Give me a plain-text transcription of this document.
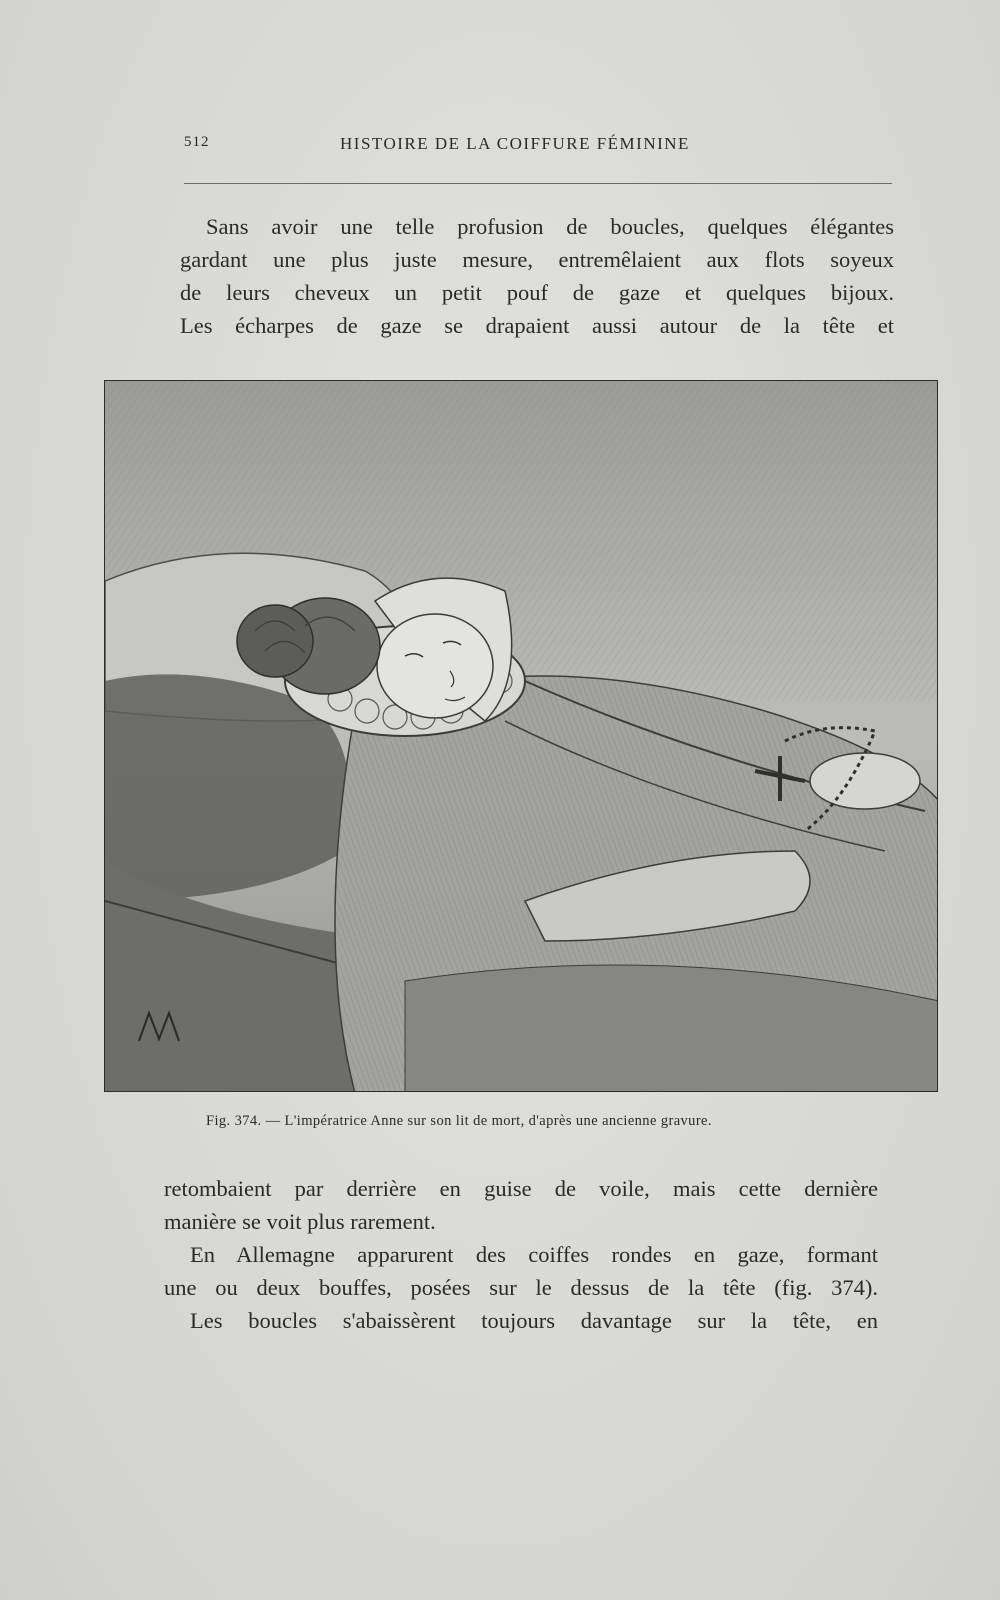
512	HISTOIRE DE LA COIFFURE FÉMININE
Sans avoir une telle profusion de boucles, quelques élégantes
gardant une plus juste mesure, entremêlaient aux flots soyeux
de leurs cheveux un petit pouf de gaze et quelques bijoux.
Les écharpes de gaze se drapaient aussi autour de la tête et
Fig. 374. — L'impératrice Anne sur son lit de mort, d'après une ancienne gravure.
retombaient par derrière en guise de voile, mais cette dernière
manière se voit plus rarement.
En Allemagne apparurent des coiffes rondes en gaze, formant
une ou deux bouffes, posées sur le dessus de la tête (fig. 374).
Les boucles s'abaissèrent toujours davantage sur la tête, en
